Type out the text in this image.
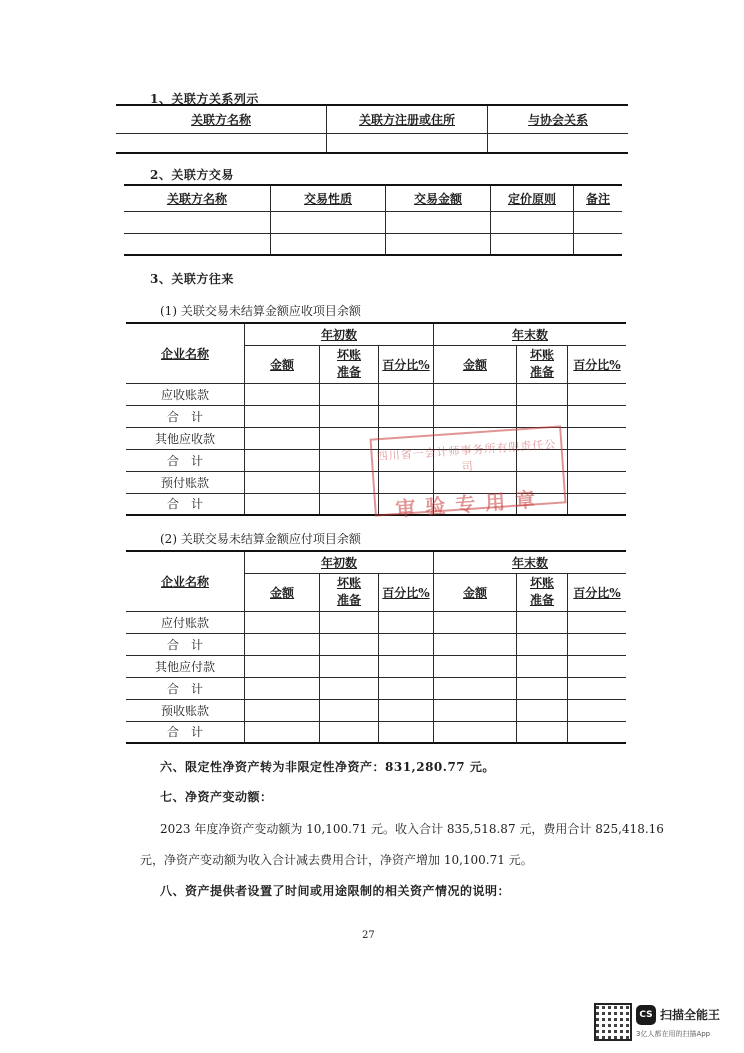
1、关联方关系列示
关联方名称	关联方注册或住所	与协会关系

2、关联方交易
关联方名称	交易性质	交易金额	定价原则	备注

3、关联方往来
(1) 关联交易未结算金额应收项目余额
企业名称	年初数			年末数		
	金额	坏账准备	百分比%	金额	坏账准备	百分比%
应收账款						
合　计						
其他应收款						
合　计						
预付账款						
合　计						
四川省一会计师事务所有限责任公司
审验专用章
(2) 关联交易未结算金额应付项目余额
企业名称	年初数			年末数		
	金额	坏账准备	百分比%	金额	坏账准备	百分比%
应付账款						
合　计						
其他应付款						
合　计						
预收账款						
合　计						
六、限定性净资产转为非限定性净资产：831,280.77 元。
七、净资产变动额：
2023 年度净资产变动额为 10,100.71 元。收入合计 835,518.87 元，费用合计 825,418.16
元，净资产变动额为收入合计减去费用合计，净资产增加 10,100.71 元。
八、资产提供者设置了时间或用途限制的相关资产情况的说明：
27
CS 扫描全能王
3亿人都在用的扫描App
